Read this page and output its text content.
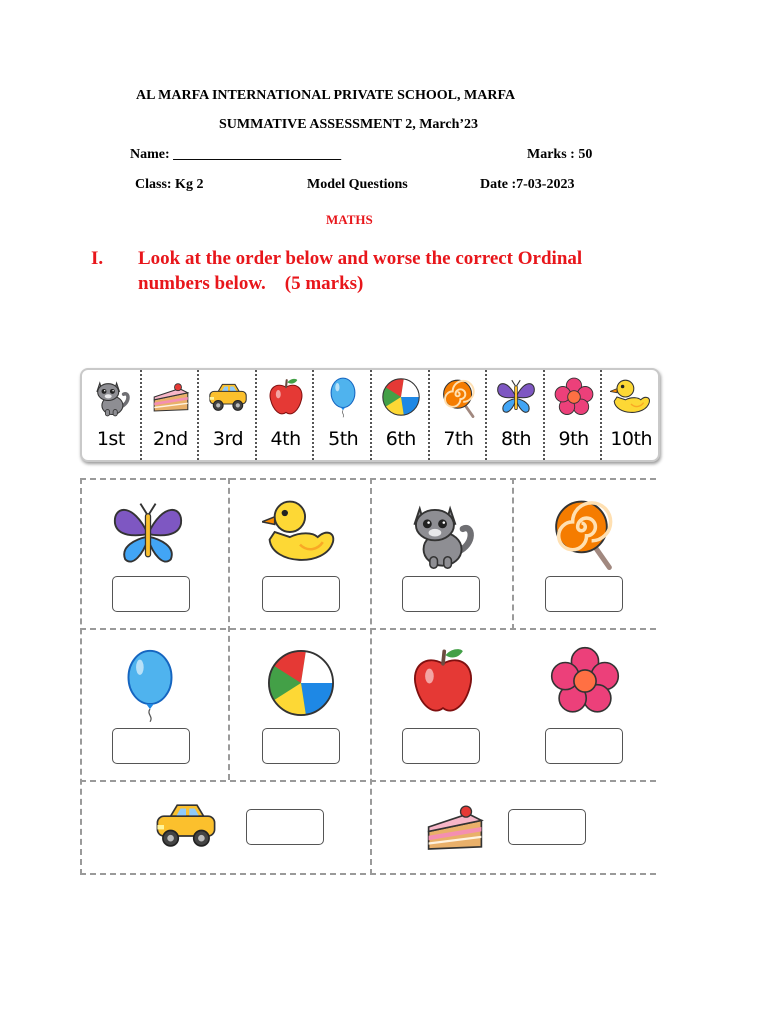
AL MARFA INTERNATIONAL PRIVATE SCHOOL, MARFA
SUMMATIVE ASSESSMENT 2, March’23
Name: ________________________	Marks : 50
Class: Kg 2	Model Questions	Date :7-03-2023
MATHS
I. Look at the order below and worse the correct Ordinal
numbers below.    (5 marks)
1st	2nd	3rd	4th	5th	6th	7th	8th	9th	10th
